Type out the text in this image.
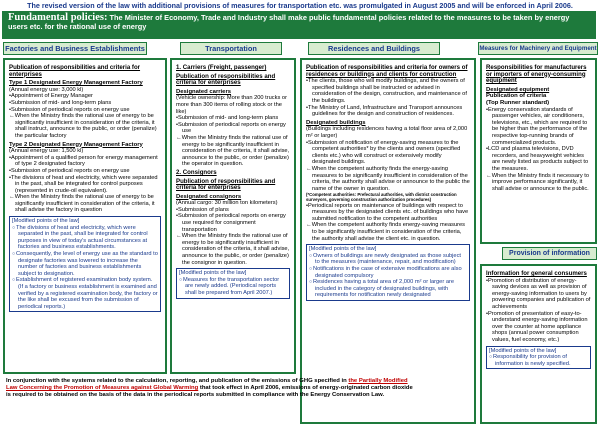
The revised version of the law with additional provisions of measures for transportation etc. was promulgated in August 2005 and will be enforced in April 2006.
Fundamental policies: The Minister of Economy, Trade and Industry shall make public fundamental policies related to the measures to be taken by energy users etc. for the rational use of energy
Factories and Business Establishments	Transportation	Residences and Buildings	Measures for Machinery and Equipment
Publication of responsibilities and criteria for enterprises
Type 1 Designated Energy Management Factory
(Annual energy use: 3,000 kl)
•Appointment of Energy Manager
•Submission of mid- and long-term plans
•Submission of periodical reports on energy use
←When the Ministry finds the rational use of energy to be significantly insufficient in consideration of the criteria, it shall instruct, announce to the public, or order (penalize) the particular factory
Type 2 Designated Energy Management Factory
(Annual energy use: 1,500 kl)
•Appointment of a qualified person for energy management of type 2 designated factory
•Submission of periodical reports on energy use
•The divisions of heat and electricity, which were separated in the past, shall be integrated for control purposes (represented in crude-oil equivalent).
←When the Ministry finds the rational use of energy to be significantly insufficient in consideration of the criteria, it shall advise the factory in question
[Modified points of the law]
○ The divisions of heat and electricity, which were separated in the past, shall be integrated for control purposes in view of today's actual circumstances at factories and business establishments.
○ Consequently, the level of energy use as the standard to designate factories was lowered to increase the number of factories and business establishments subject to designation.
○ Establishment of registered examination body system. (If a factory or business establishment is examined and verified by a registered examination body, the factory or the like shall be excused from the submission of periodical reports.)
1. Carriers (Freight, passenger)
Publication of responsibilities and criteria for enterprises
Designated carriers
(Vehicle ownership: More than 200 trucks or more than 300 items of rolling stock or the like)
•Submission of mid- and long-term plans
•Submission of periodical reports on energy use
←When the Ministry finds the rational use of energy to be significantly insufficient in consideration of the criteria, it shall advise, announce to the public, or order (penalize) the operator in question.
2. Consignors
Publication of responsibilities and criteria for enterprises
Designated consignors
(Annual cargo: 30 million ton kilometers)
•Submission of plans
•Submission of periodical reports on energy use required for consignment transportation
←When the Ministry finds the rational use of energy to be significantly insufficient in consideration of the criteria, it shall advise, announce to the public, or order (penalize) the consignor in question.
[Modified points of the law]
○ Measures for the transportation sector are newly added. (Periodical reports shall be prepared from April 2007.)
Publication of responsibilities and criteria for owners of residences or buildings and clients for construction
•The clients, those who will modify buildings, and the owners of specified buildings shall be instructed or advised in consideration of the design, construction, and maintenance of the buildings.
•The Ministry of Land, Infrastructure and Transport announces guidelines for the design and construction of residences.
Designated buildings
(Buildings including residences having a total floor area of 2,000 m² or larger)
•Submission of notification of energy-saving measures to the competent authorities* by the clients and owners (specified clients etc.) who will construct or extensively modify designated buildings.
←When the competent authority finds the energy-saving measures to be significantly insufficient in consideration of the criteria, the authority shall advise or announce to the public the name of the owner in question.
(*Competent authorities: Prefectural authorities, with district construction surveyors, governing construction authorization procedures)
•Periodical reports on maintenance of buildings with respect to measures by the designated clients etc. of buildings who have submitted notification to the competent authorities
←When the competent authority finds energy-saving measures to be significantly insufficient in consideration of the criteria, the authority shall advise the client etc. in question.
[Modified points of the law]
○ Owners of buildings are newly designated as those subject to the measures (maintenance, repair, and modification)
○ Notifications in the case of extensive modifications are also designated compulsory
○ Residences having a total area of 2,000 m² or larger are included in the category of designated buildings, with requirements for notification newly designated
Responsibilities for manufacturers or importers of energy-consuming equipment
Designated equipment
Publication of criteria
(Top Runner standard)
•Energy conservation standards of passenger vehicles, air conditioners, televisions, etc., which are required to be higher than the performance of the respective top-running brands of commercialized products.
•LCD and plasma televisions, DVD recorders, and heavyweight vehicles are newly listed as products subject to the measures.
←When the Ministry finds it necessary to improve performance significantly, it shall advise or announce to the public.
Provision of information
Information for general consumers
•Promotion of distribution of energy-saving devices as well as provision of energy-saving information to users by powering companies and publication of achievements
•Promotion of presentation of easy-to-understand energy-saving information over the counter at home appliance shops (annual power consumption values, fuel economy, etc.)
[Modified points of the law]
○ Responsibility for provision of information is newly specified.
In conjunction with the systems related to the calculation, reporting, and publication of the emissions of GHG specified in the Partially Modified Law Concerning the Promotion of Measures against Global Warming that took effect in April 2006, emissions of energy-originated carbon dioxide is required to be obtained on the basis of the data in the periodical reports submitted in compliance with the Energy Conservation Law.
